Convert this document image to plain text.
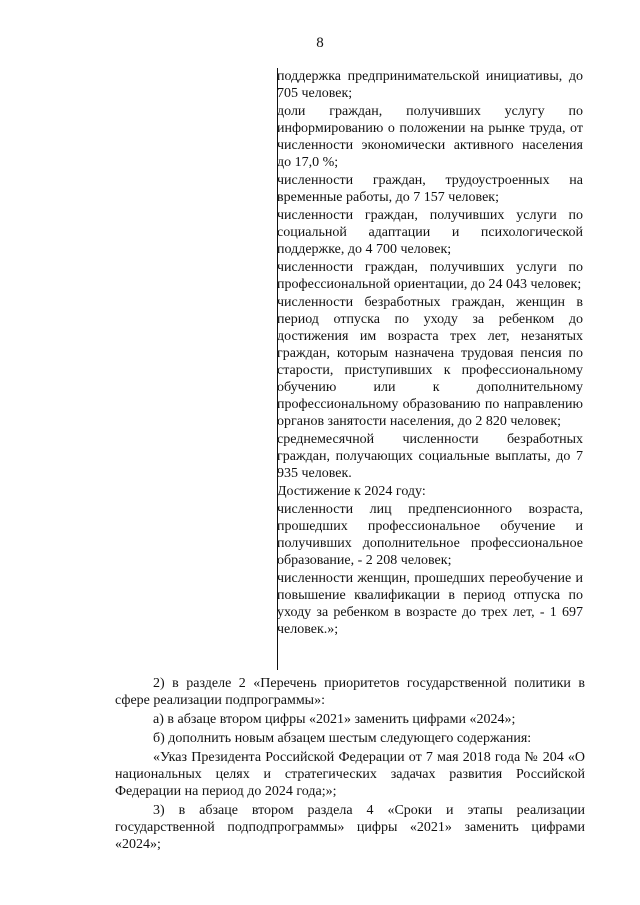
8

поддержка предпринимательской инициативы, до 705 человек;

доли граждан, получивших услугу по информированию о положении на рынке труда, от численности экономически активного населения до 17,0 %;

численности граждан, трудоустроенных на временные работы, до 7 157 человек;

численности граждан, получивших услуги по социальной адаптации и психологической поддержке, до 4 700 человек;

численности граждан, получивших услуги по профессиональной ориентации, до 24 043 человек;

численности безработных граждан, женщин в период отпуска по уходу за ребенком до достижения им возраста трех лет, незанятых граждан, которым назначена трудовая пенсия по старости, приступивших к профессиональному обучению или к дополнительному профессиональному образованию по направлению органов занятости населения, до 2 820 человек;

среднемесячной численности безработных граждан, получающих социальные выплаты, до 7 935 человек.

Достижение к 2024 году:

численности лиц предпенсионного возраста, прошедших профессиональное обучение и получивших дополнительное профессиональное образование, - 2 208 человек;

численности женщин, прошедших переобучение и повышение квалификации в период отпуска по уходу за ребенком в возрасте до трех лет, - 1 697 человек.»;

2) в разделе 2 «Перечень приоритетов государственной политики в сфере реализации подпрограммы»:

а) в абзаце втором цифры «2021» заменить цифрами «2024»;

б) дополнить новым абзацем шестым следующего содержания:

«Указ Президента Российской Федерации от 7 мая 2018 года № 204 «О национальных целях и стратегических задачах развития Российской Федерации на период до 2024 года;»;

3) в абзаце втором раздела 4 «Сроки и этапы реализации государственной подподпрограммы» цифры «2021» заменить цифрами «2024»;
